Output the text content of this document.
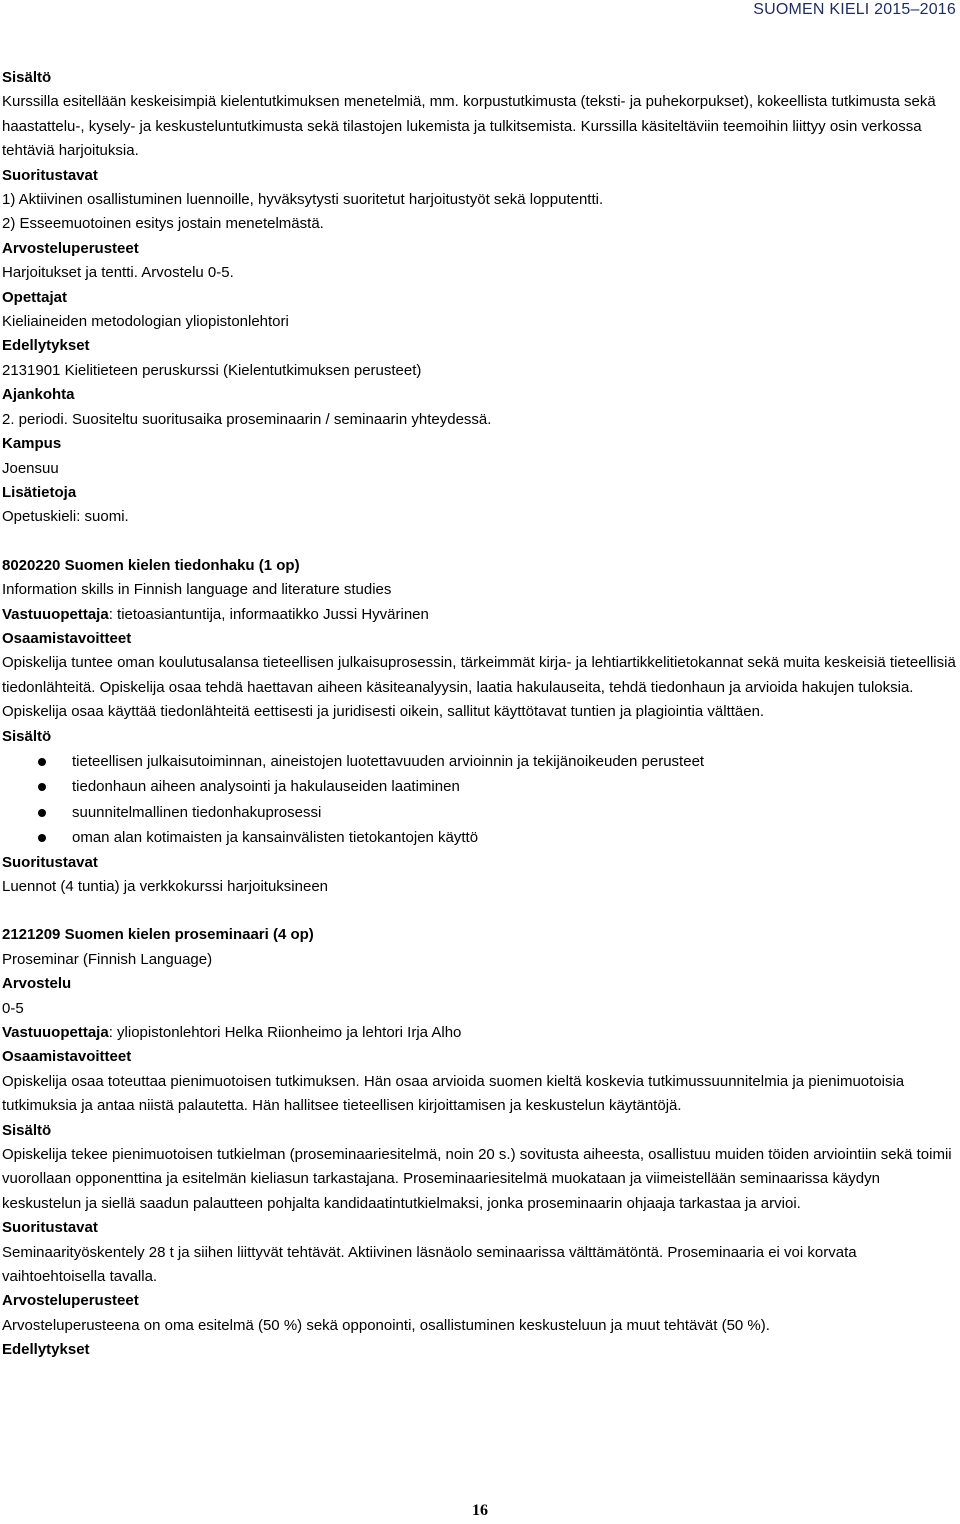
SUOMEN KIELI 2015–2016
Sisältö
Kurssilla esitellään keskeisimpiä kielentutkimuksen menetelmiä, mm. korpustutkimusta (teksti- ja puhekorpukset), kokeellista tutkimusta sekä haastattelu-, kysely- ja keskusteluntutkimusta sekä tilastojen lukemista ja tulkitsemista. Kurssilla käsiteltäviin teemoihin liittyy osin verkossa tehtäviä harjoituksia.
Suoritustavat
1) Aktiivinen osallistuminen luennoille, hyväksytysti suoritetut harjoitustyöt sekä lopputentti.
2) Esseemuotoinen esitys jostain menetelmästä.
Arvosteluperusteet
Harjoitukset ja tentti. Arvostelu 0-5.
Opettajat
Kieliaineiden metodologian yliopistonlehtori
Edellytykset
2131901 Kielitieteen peruskurssi (Kielentutkimuksen perusteet)
Ajankohta
2. periodi. Suositeltu suoritusaika proseminaarin / seminaarin yhteydessä.
Kampus
Joensuu
Lisätietoja
Opetuskieli: suomi.
8020220 Suomen kielen tiedonhaku (1 op)
Information skills in Finnish language and literature studies
Vastuuopettaja: tietoasiantuntija, informaatikko Jussi Hyvärinen
Osaamistavoitteet
Opiskelija tuntee oman koulutusalansa tieteellisen julkaisuprosessin, tärkeimmät kirja- ja lehtiartikkelitietokannat sekä muita keskeisiä tieteellisiä tiedonlähteitä. Opiskelija osaa tehdä haettavan aiheen käsiteanalyysin, laatia hakulauseita, tehdä tiedonhaun ja arvioida hakujen tuloksia. Opiskelija osaa käyttää tiedonlähteitä eettisesti ja juridisesti oikein, sallitut käyttötavat tuntien ja plagiointia välttäen.
Sisältö
tieteellisen julkaisutoiminnan, aineistojen luotettavuuden arvioinnin ja tekijänoikeuden perusteet
tiedonhaun aiheen analysointi ja hakulauseiden laatiminen
suunnitelmallinen tiedonhakuprosessi
oman alan kotimaisten ja kansainvälisten tietokantojen käyttö
Suoritustavat
Luennot (4 tuntia) ja verkkokurssi harjoituksineen
2121209 Suomen kielen proseminaari (4 op)
Proseminar (Finnish Language)
Arvostelu
0-5
Vastuuopettaja: yliopistonlehtori Helka Riionheimo ja lehtori Irja Alho
Osaamistavoitteet
Opiskelija osaa toteuttaa pienimuotoisen tutkimuksen. Hän osaa arvioida suomen kieltä koskevia tutkimussuunnitelmia ja pienimuotoisia tutkimuksia ja antaa niistä palautetta. Hän hallitsee tieteellisen kirjoittamisen ja keskustelun käytäntöjä.
Sisältö
Opiskelija tekee pienimuotoisen tutkielman (proseminaariesitelmä, noin 20 s.) sovitusta aiheesta, osallistuu muiden töiden arviointiin sekä toimii vuorollaan opponenttina ja esitelmän kieliasun tarkastajana. Proseminaariesitelmä muokataan ja viimeistellään seminaarissa käydyn keskustelun ja siellä saadun palautteen pohjalta kandidaatintutkielmaksi, jonka proseminaarin ohjaaja tarkastaa ja arvioi.
Suoritustavat
Seminaarityöskentely 28 t ja siihen liittyvät tehtävät. Aktiivinen läsnäolo seminaarissa välttämätöntä. Proseminaaria ei voi korvata vaihtoehtoisella tavalla.
Arvosteluperusteet
Arvosteluperusteena on oma esitelmä (50 %) sekä opponointi, osallistuminen keskusteluun ja muut tehtävät (50 %).
Edellytykset
16
